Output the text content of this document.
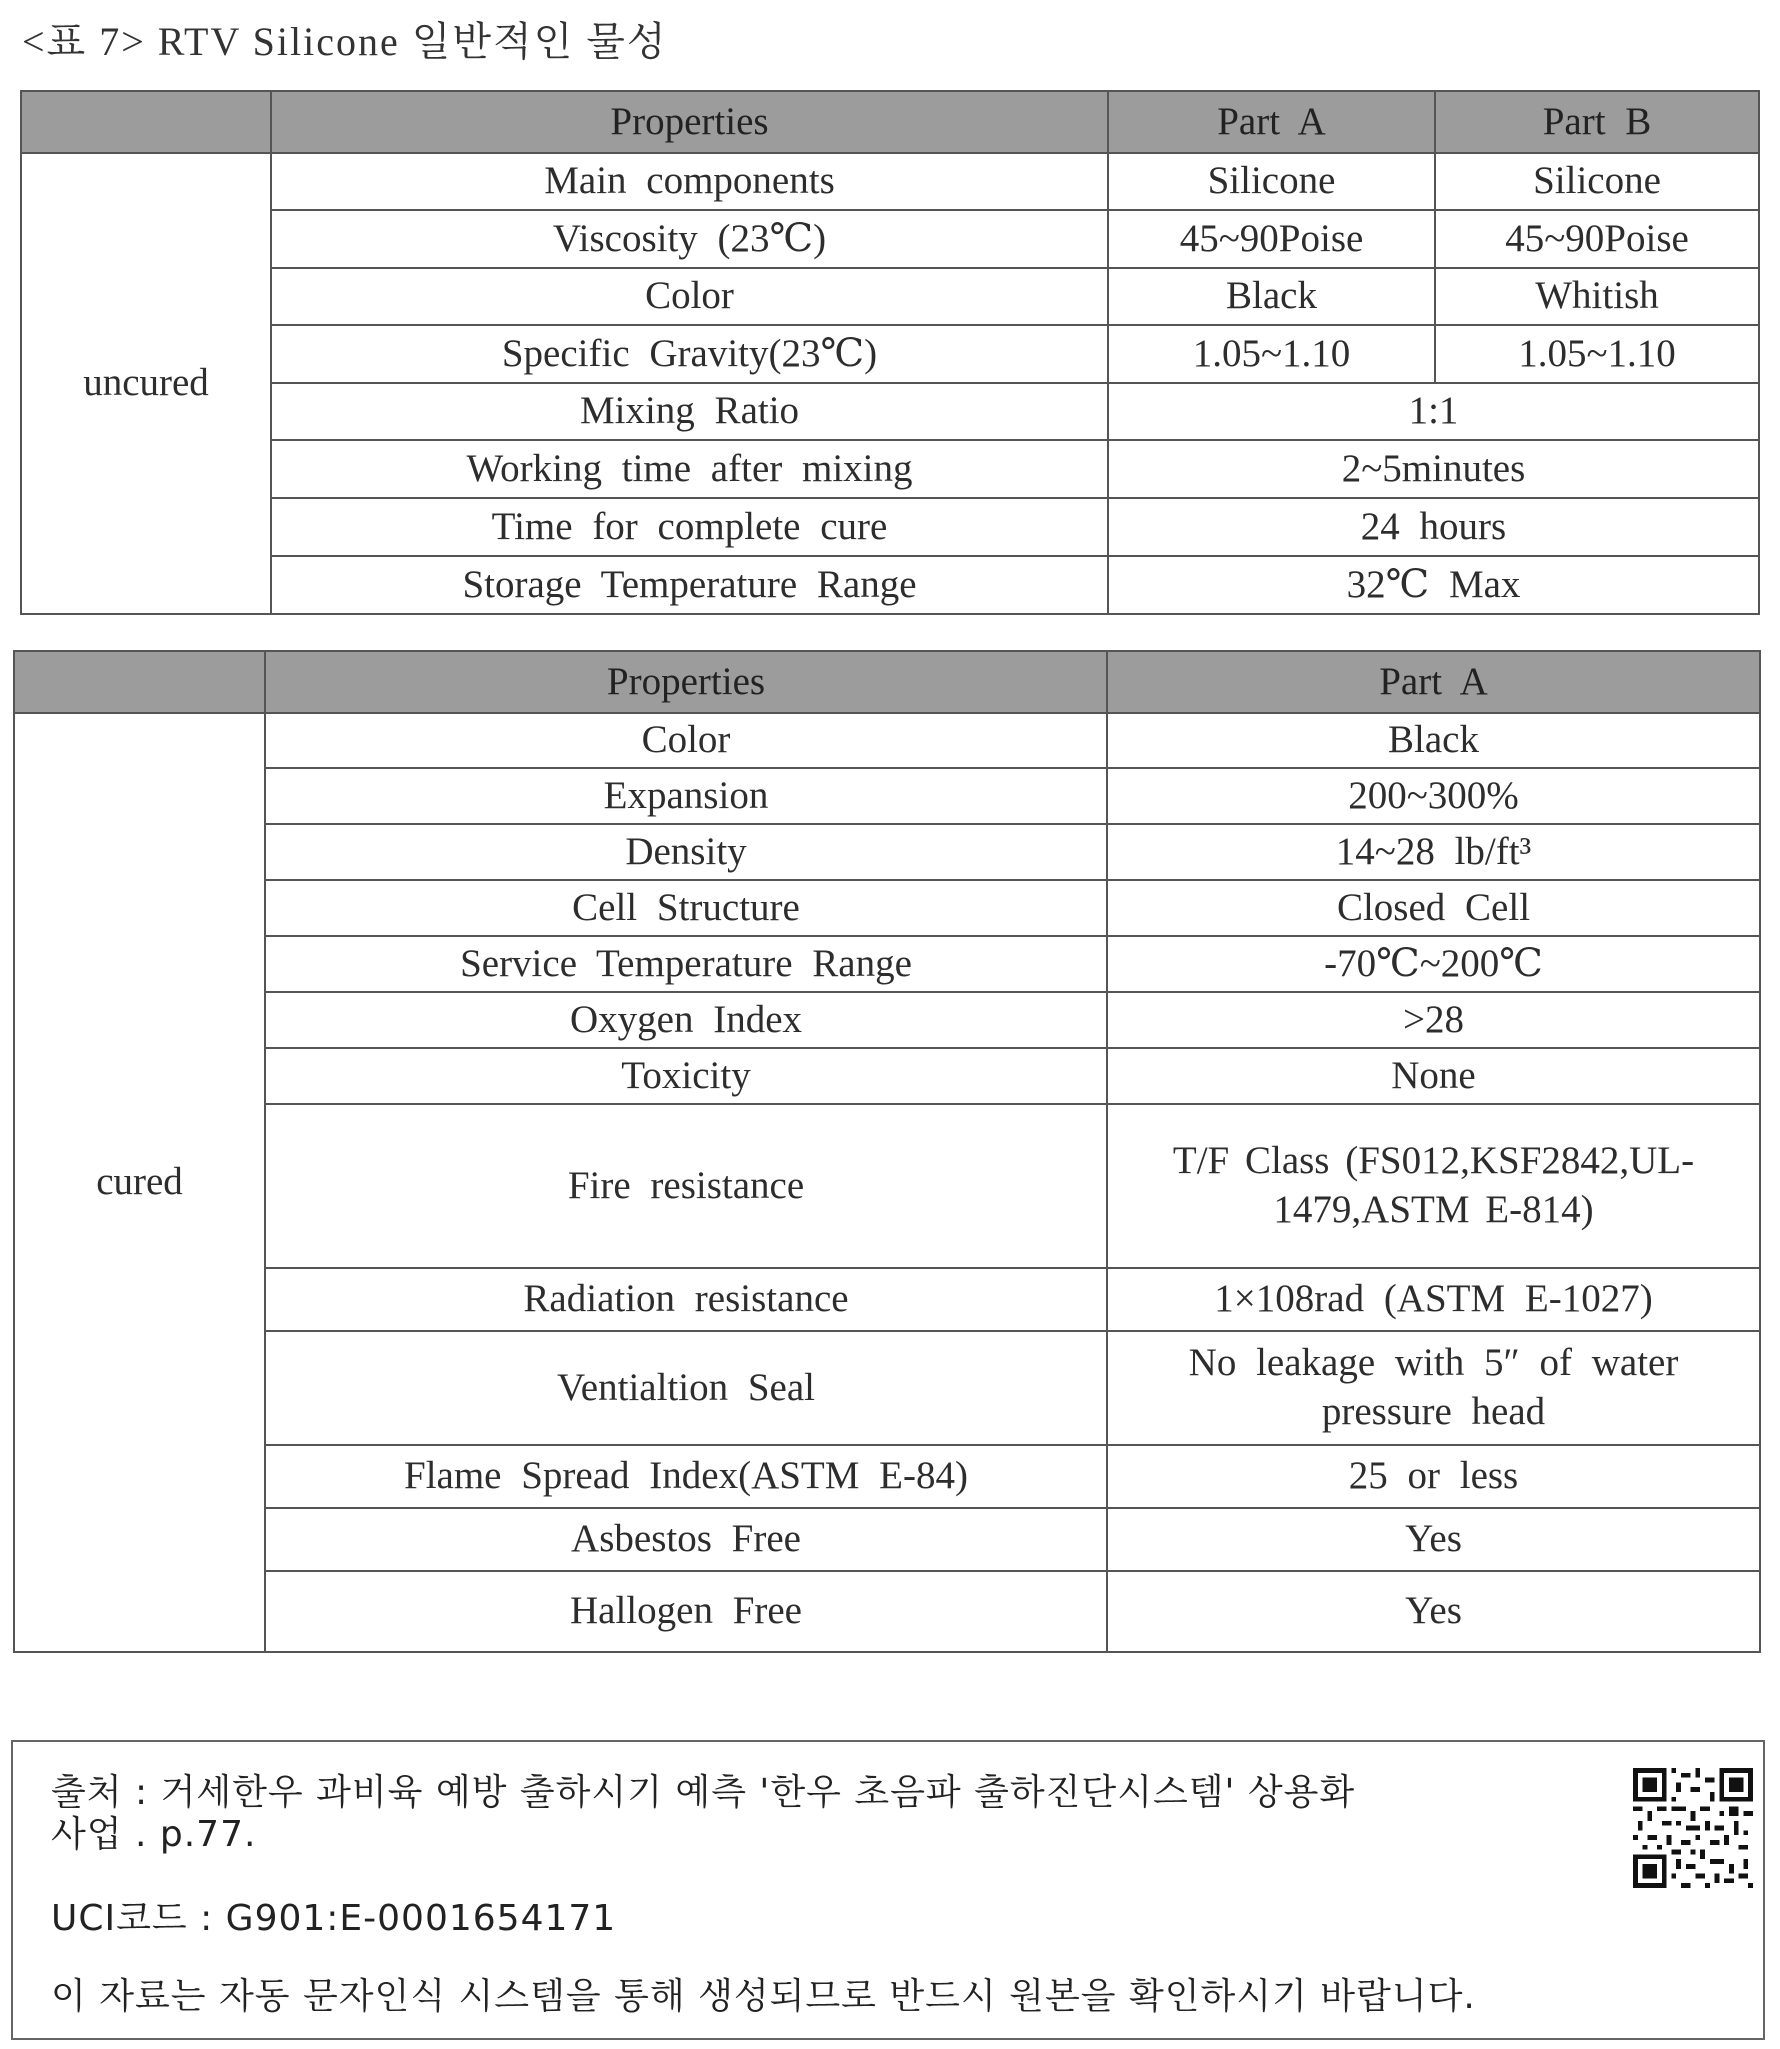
<표 7> RTV Silicone 일반적인 물성
	Properties	Part A	Part B
uncured	Main components	Silicone	Silicone
	Viscosity (23℃)	45~90Poise	45~90Poise
	Color	Black	Whitish
	Specific Gravity(23℃)	1.05~1.10	1.05~1.10
	Mixing Ratio	1:1	
	Working time after mixing	2~5minutes	
	Time for complete cure	24 hours	
	Storage Temperature Range	32℃ Max	
	Properties	Part A
cured	Color	Black
	Expansion	200~300%
	Density	14~28 lb/ft³
	Cell Structure	Closed Cell
	Service Temperature Range	-70℃~200℃
	Oxygen Index	>28
	Toxicity	None
	Fire resistance	T/F Class (FS012,KSF2842,UL-1479,ASTM E-814)
	Radiation resistance	1×108rad (ASTM E-1027)
	Ventialtion Seal	No leakage with 5″ of water pressure head
	Flame Spread Index(ASTM E-84)	25 or less
	Asbestos Free	Yes
	Hallogen Free	Yes
출처 : 거세한우 과비육 예방 출하시기 예측 '한우 초음파 출하진단시스템' 상용화
사업 . p.77.
UCI코드 : G901:E-0001654171
이 자료는 자동 문자인식 시스템을 통해 생성되므로 반드시 원본을 확인하시기 바랍니다.
